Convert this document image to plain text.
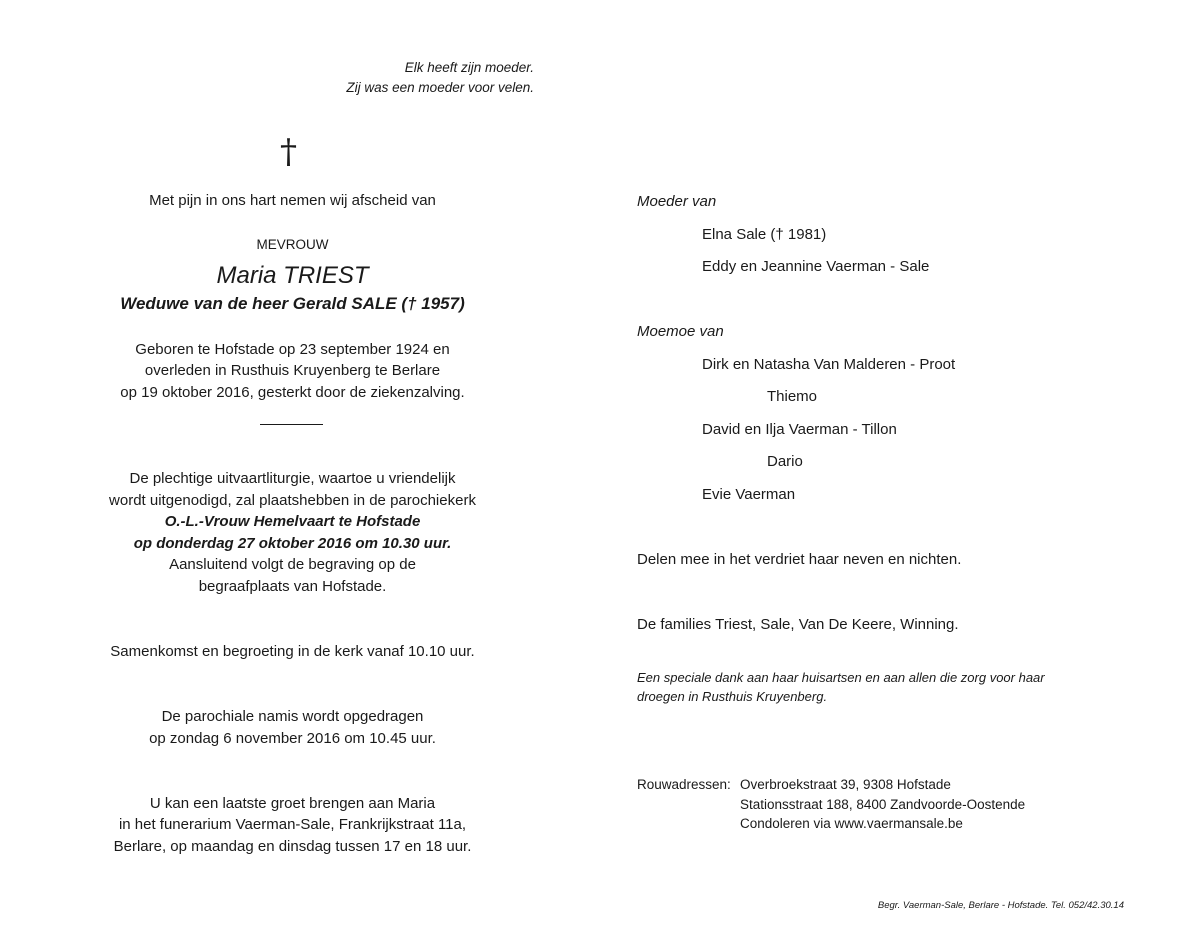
Elk heeft zijn moeder.
Zij was een moeder voor velen.
†
Met pijn in ons hart nemen wij afscheid van
MEVROUW
Maria TRIEST
Weduwe van de heer Gerald SALE († 1957)
Geboren te Hofstade op 23 september 1924 en
overleden in Rusthuis Kruyenberg te Berlare
op 19 oktober 2016, gesterkt door de ziekenzalving.
De plechtige uitvaartliturgie, waartoe u vriendelijk
wordt uitgenodigd, zal plaatshebben in de parochiekerk
O.-L.-Vrouw Hemelvaart te Hofstade
op donderdag 27 oktober 2016 om 10.30 uur.
Aansluitend volgt de begraving op de
begraafplaats van Hofstade.
Samenkomst en begroeting in de kerk vanaf 10.10 uur.
De parochiale namis wordt opgedragen
op zondag 6 november 2016 om 10.45 uur.
U kan een laatste groet brengen aan Maria
in het funerarium Vaerman-Sale, Frankrijkstraat 11a,
Berlare, op maandag en dinsdag tussen 17 en 18 uur.
Moeder van
Elna Sale († 1981)
Eddy en Jeannine Vaerman - Sale
Moemoe van
Dirk en Natasha Van Malderen - Proot
Thiemo
David en Ilja Vaerman - Tillon
Dario
Evie Vaerman
Delen mee in het verdriet haar neven en nichten.
De families Triest, Sale, Van De Keere, Winning.
Een speciale dank aan haar huisartsen en aan allen die zorg voor haar
droegen in Rusthuis Kruyenberg.
Rouwadressen: Overbroekstraat 39, 9308 Hofstade
Stationsstraat 188, 8400 Zandvoorde-Oostende
Condoleren via www.vaermansale.be
Begr. Vaerman-Sale, Berlare - Hofstade. Tel. 052/42.30.14
